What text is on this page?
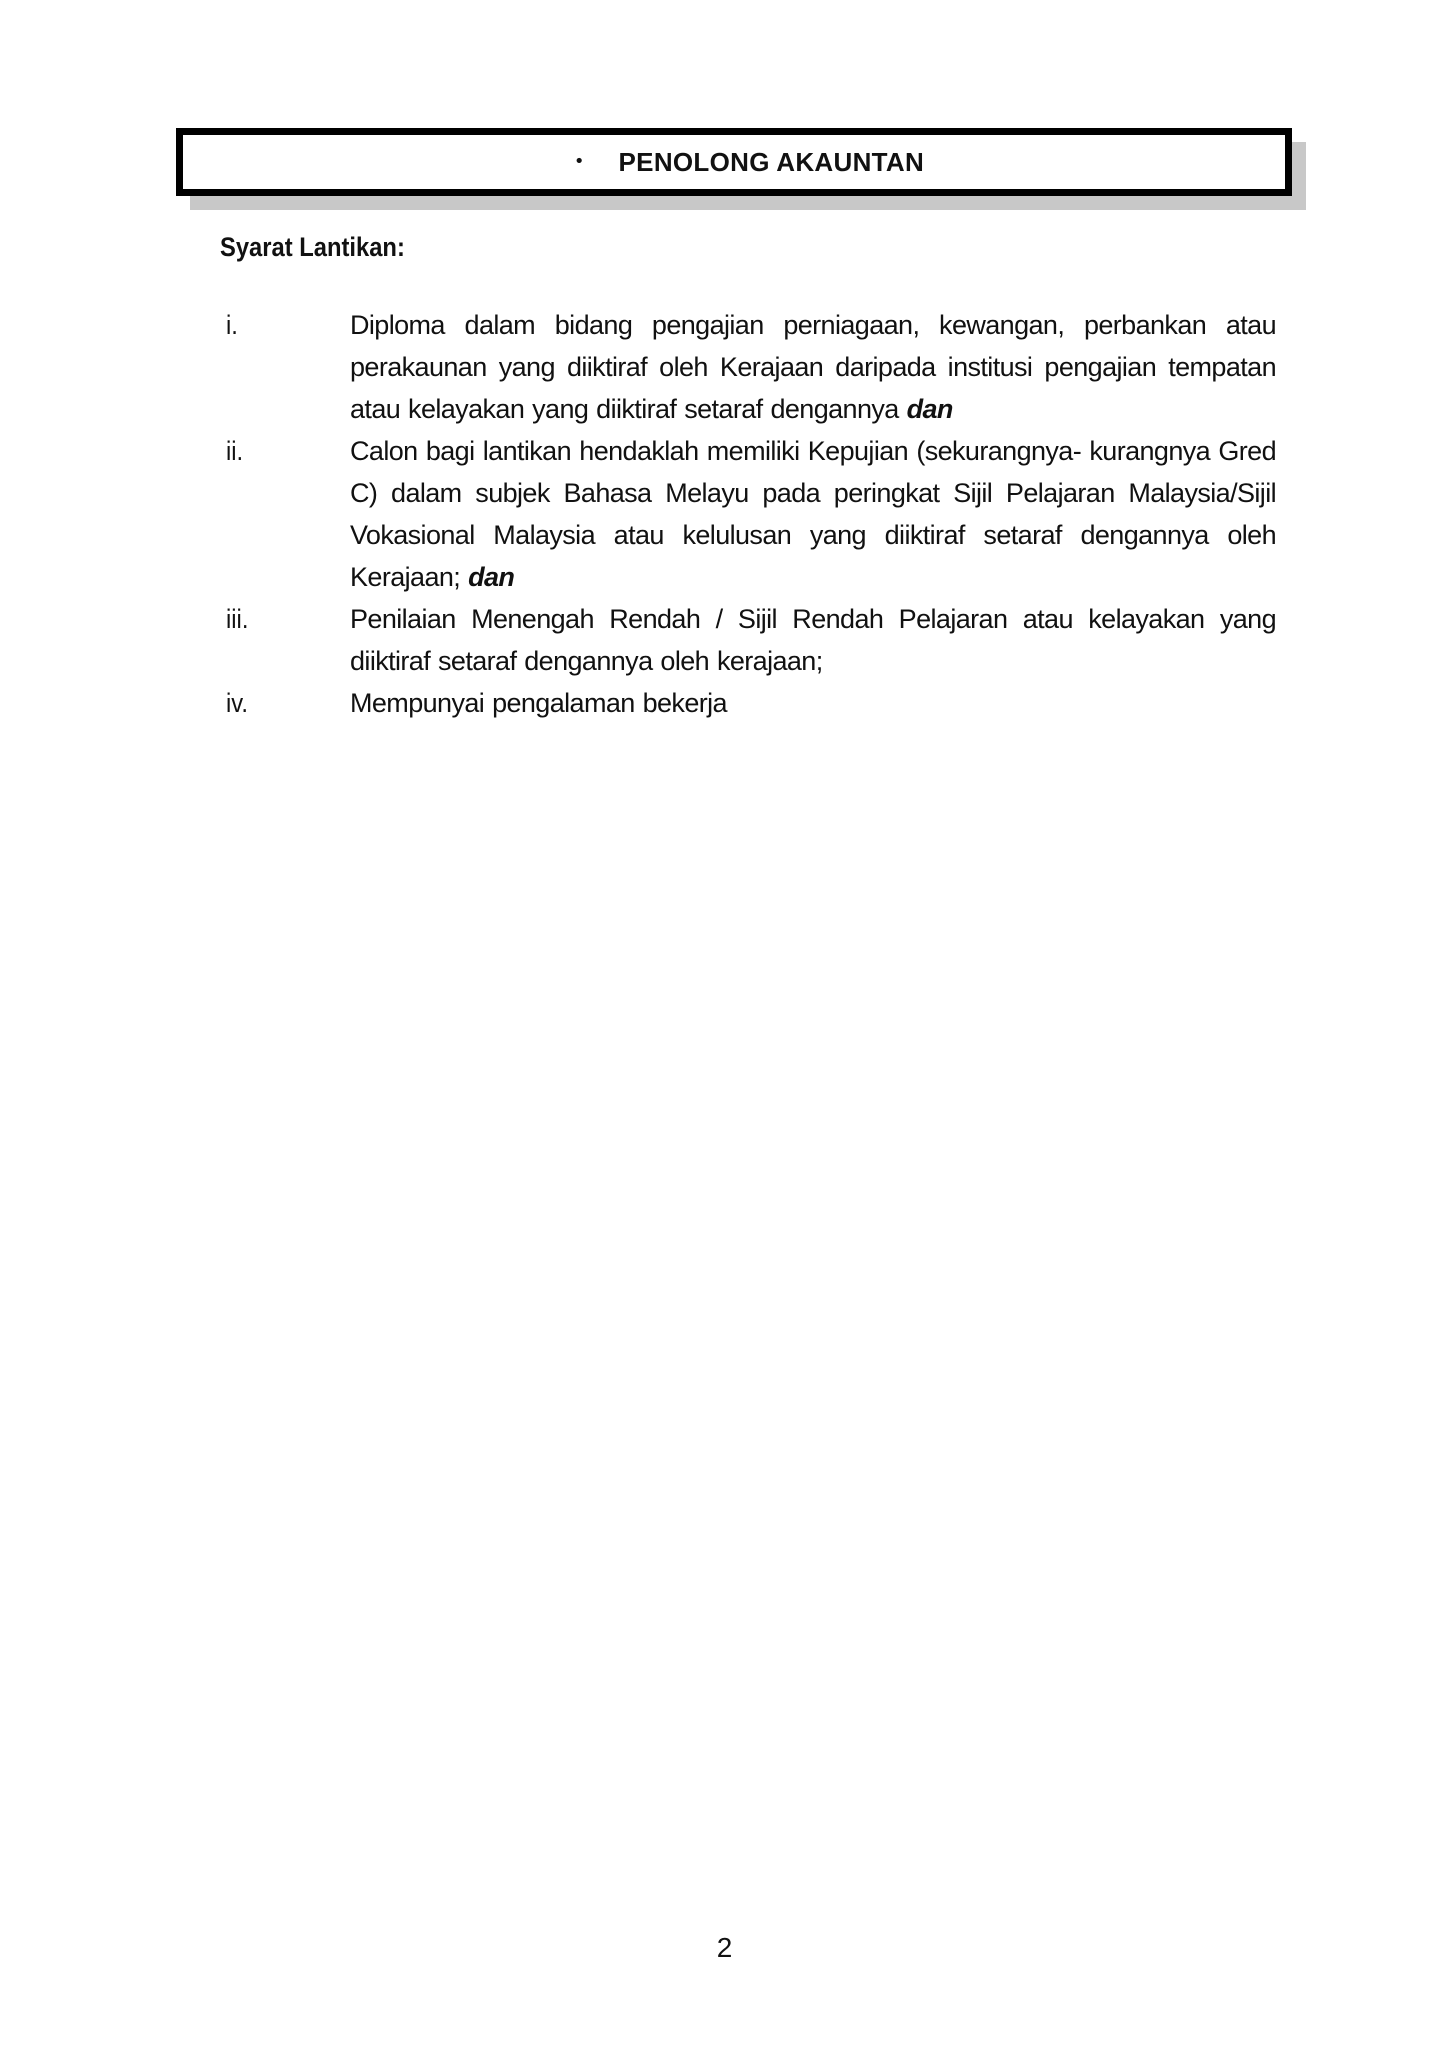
• PENOLONG AKAUNTAN
Syarat Lantikan:
i.	Diploma dalam bidang pengajian perniagaan, kewangan, perbankan atau perakaunan yang diiktiraf oleh Kerajaan daripada institusi pengajian tempatan atau kelayakan yang diiktiraf setaraf dengannya dan
ii.	Calon bagi lantikan hendaklah memiliki Kepujian (sekurangnya- kurangnya Gred C) dalam subjek Bahasa Melayu pada peringkat Sijil Pelajaran Malaysia/Sijil Vokasional Malaysia atau kelulusan yang diiktiraf setaraf dengannya oleh Kerajaan; dan
iii.	Penilaian Menengah Rendah / Sijil Rendah Pelajaran atau kelayakan yang diiktiraf setaraf dengannya oleh kerajaan;
iv.	Mempunyai pengalaman bekerja
2
